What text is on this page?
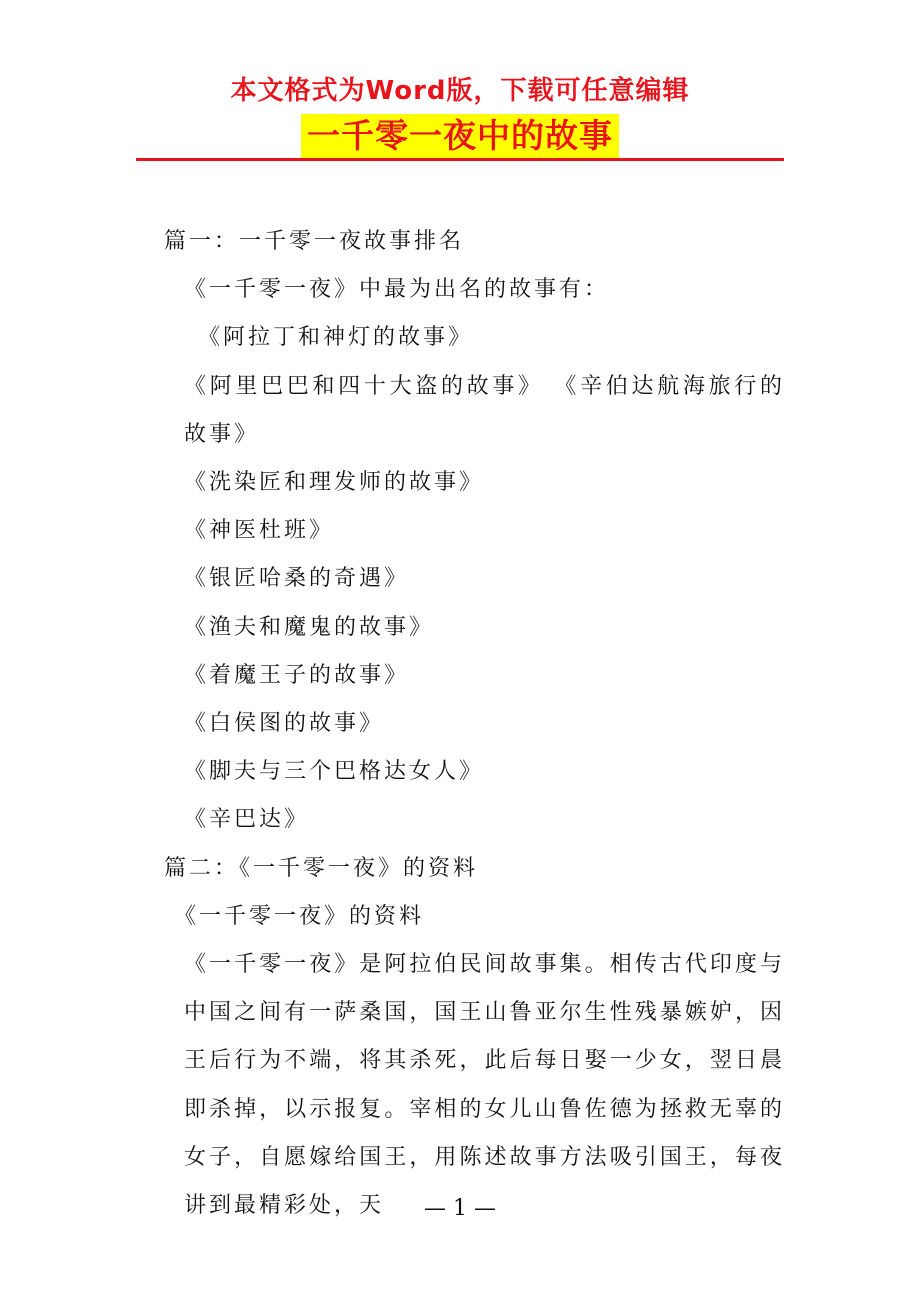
本文格式为Word版，下载可任意编辑
一千零一夜中的故事

篇一：一千零一夜故事排名

《一千零一夜》中最为出名的故事有：

《阿拉丁和神灯的故事》

《阿里巴巴和四十大盗的故事》 《辛伯达航海旅行的故事》

《洗染匠和理发师的故事》

《神医杜班》

《银匠哈桑的奇遇》

《渔夫和魔鬼的故事》

《着魔王子的故事》

《白侯图的故事》

《脚夫与三个巴格达女人》

《辛巴达》

篇二：《一千零一夜》的资料

《一千零一夜》的资料

《一千零一夜》是阿拉伯民间故事集。相传古代印度与中国之间有一萨桑国，国王山鲁亚尔生性残暴嫉妒，因王后行为不端，将其杀死，此后每日娶一少女，翌日晨即杀掉，以示报复。宰相的女儿山鲁佐德为拯救无辜的女子，自愿嫁给国王，用陈述故事方法吸引国王，每夜讲到最精彩处，天	— 1 —
